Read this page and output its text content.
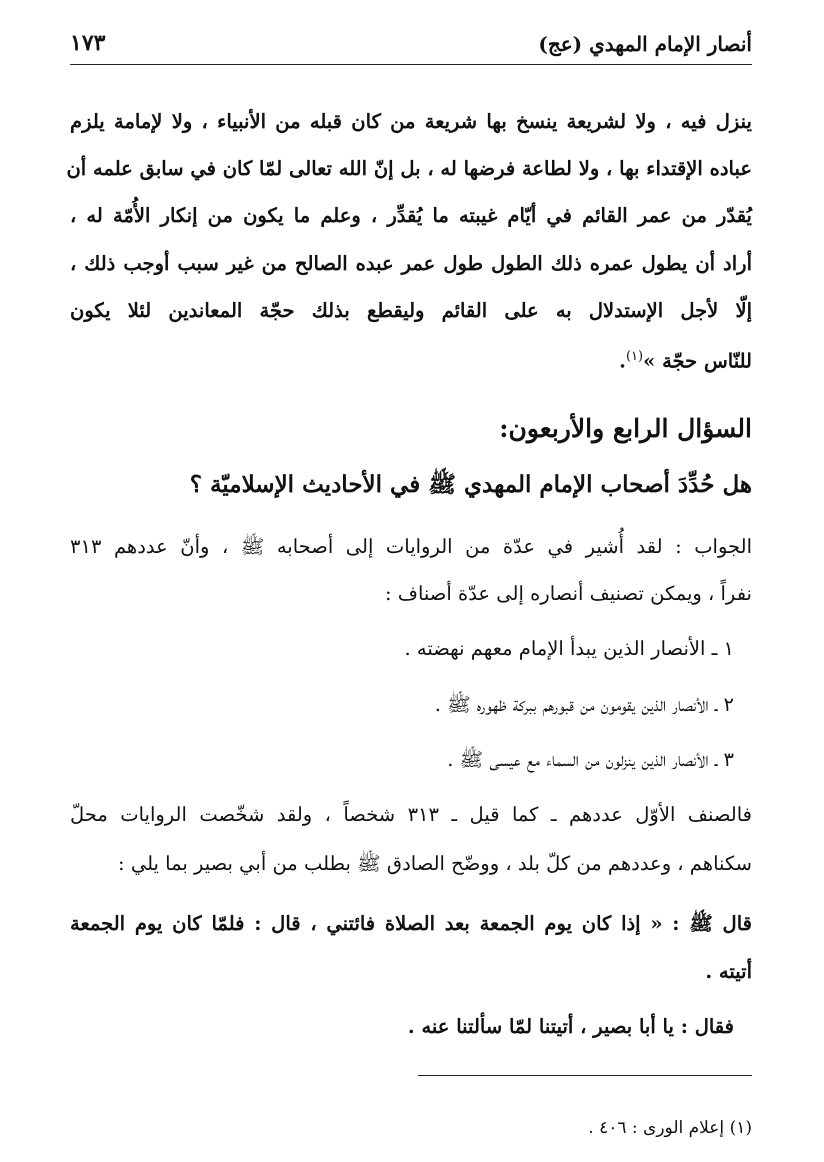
أنصار الإمام المهدي (عج)
١٧٣
ينزل فيه ، ولا لشريعة ينسخ بها شريعة من كان قبله من الأنبياء ، ولا لإمامة يلزم
عباده الإقتداء بها ، ولا لطاعة فرضها له ، بل إنّ الله تعالى لمّا كان في سابق علمه أن
يُقدّر من عمر القائم في أيّام غيبته ما يُقدِّر ، وعلم ما يكون من إنكار الأُمّة له ،
أراد أن يطول عمره ذلك الطول طول عمر عبده الصالح من غير سبب أوجب ذلك ،
إلّا لأجل الإستدلال به على القائم وليقطع بذلك حجّة المعاندين لئلا يكون
للنّاس حجّة »$^{(١)}$.
السؤال الرابع والأربعون:
هل حُدِّدَ أصحاب الإمام المهدي ﷺ في الأحاديث الإسلاميّة ؟
الجواب : لقد أُشير في عدّة من الروايات إلى أصحابه ﷺ ، وأنّ عددهم ٣١٣
نفراً ، ويمكن تصنيف أنصاره إلى عدّة أصناف :
١ ـ الأنصار الذين يبدأ الإمام معهم نهضته .
٢ ـ الأنصار الذين يقومون من قبورهم ببركة ظهوره ﷺ .
٣ ـ الأنصار الذين ينزلون من السماء مع عيسى ﷺ .
فالصنف الأوّل عددهم ـ كما قيل ـ ٣١٣ شخصاً ، ولقد شخّصت الروايات محلّ
سكناهم ، وعددهم من كلّ بلد ، ووضّح الصادق ﷺ بطلب من أبي بصير بما يلي :
قال ﷺ : « إذا كان يوم الجمعة بعد الصلاة فائتني ، قال : فلمّا كان يوم الجمعة
أتيته .
فقال : يا أبا بصير ، أتيتنا لمّا سألتنا عنه .
(١) إعلام الورى : ٤٠٦ .
